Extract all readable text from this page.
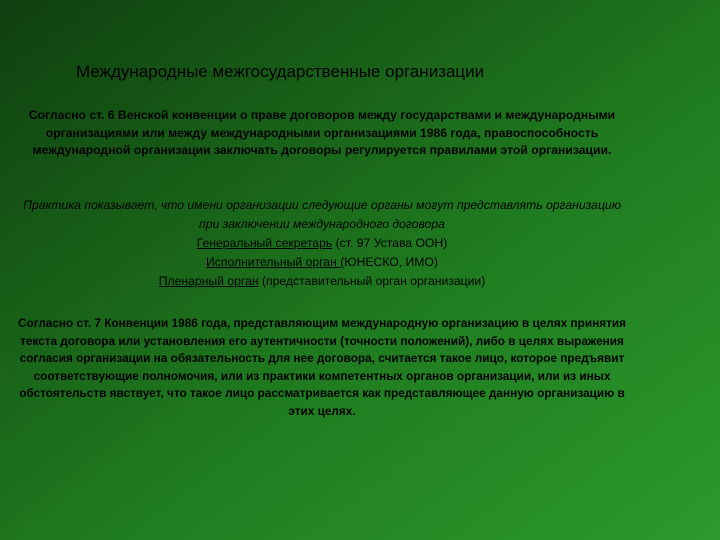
Международные межгосударственные организации
Согласно ст. 6 Венской конвенции о праве договоров между государствами и международными организациями или между международными организациями 1986 года, правоспособность международной организации заключать договоры регулируется правилами этой организации.
Практика показывает, что имени организации следующие органы могут представлять организацию при заключении международного договора
Генеральный секретарь (ст. 97 Устава ООН)
Исполнительный орган (ЮНЕСКО, ИМО)
Пленарный орган (представительный орган организации)
Согласно ст. 7 Конвенции 1986 года, представляющим международную организацию в целях принятия текста договора или установления его аутентичности (точности положений), либо в целях выражения согласия организации на обязательность для нее договора, считается такое лицо, которое предъявит соответствующие полномочия, или из практики компетентных органов организации, или из иных обстоятельств явствует, что такое лицо рассматривается как представляющее данную организацию в этих целях.
